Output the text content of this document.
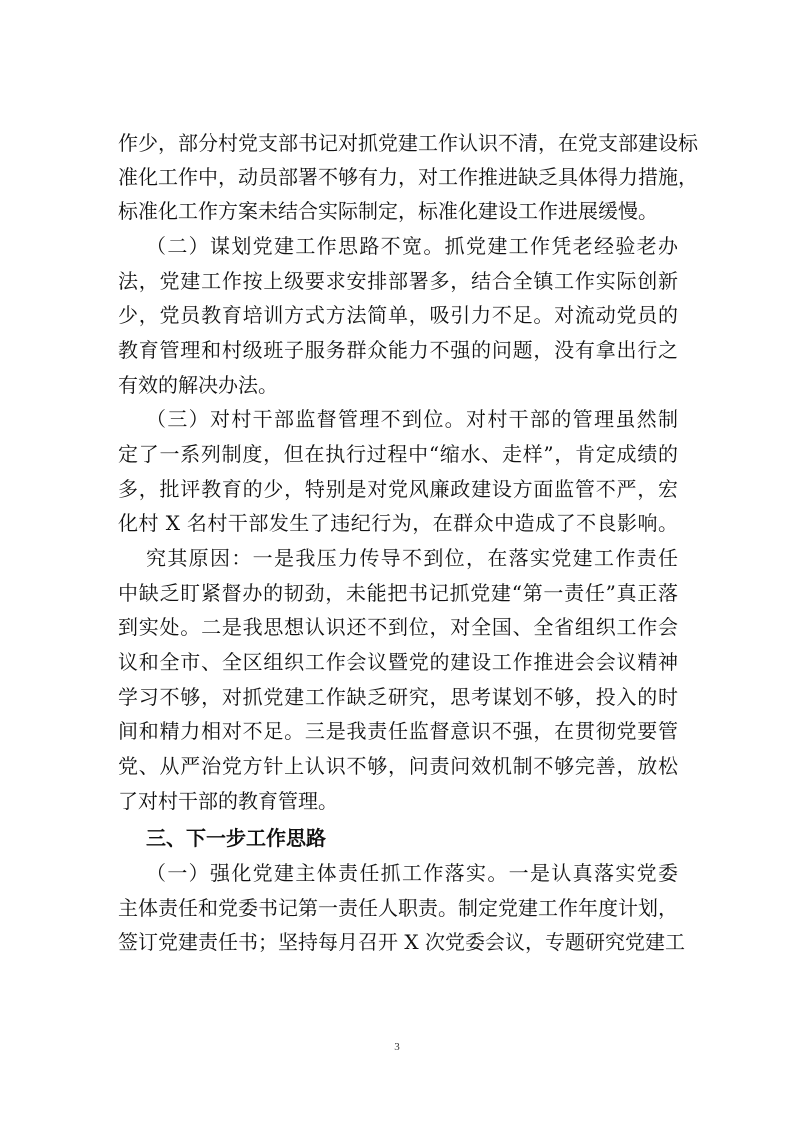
作少，部分村党支部书记对抓党建工作认识不清，在党支部建设标
准化工作中，动员部署不够有力，对工作推进缺乏具体得力措施，
标准化工作方案未结合实际制定，标准化建设工作进展缓慢。
（二）谋划党建工作思路不宽。抓党建工作凭老经验老办
法，党建工作按上级要求安排部署多，结合全镇工作实际创新
少，党员教育培训方式方法简单，吸引力不足。对流动党员的
教育管理和村级班子服务群众能力不强的问题，没有拿出行之
有效的解决办法。
（三）对村干部监督管理不到位。对村干部的管理虽然制
定了一系列制度，但在执行过程中“缩水、走样”，肯定成绩的
多，批评教育的少，特别是对党风廉政建设方面监管不严，宏
化村 X 名村干部发生了违纪行为，在群众中造成了不良影响。
究其原因：一是我压力传导不到位，在落实党建工作责任
中缺乏盯紧督办的韧劲，未能把书记抓党建“第一责任”真正落
到实处。二是我思想认识还不到位，对全国、全省组织工作会
议和全市、全区组织工作会议暨党的建设工作推进会会议精神
学习不够，对抓党建工作缺乏研究，思考谋划不够，投入的时
间和精力相对不足。三是我责任监督意识不强，在贯彻党要管
党、从严治党方针上认识不够，问责问效机制不够完善，放松
了对村干部的教育管理。
三、下一步工作思路
（一）强化党建主体责任抓工作落实。一是认真落实党委
主体责任和党委书记第一责任人职责。制定党建工作年度计划，
签订党建责任书；坚持每月召开 X 次党委会议，专题研究党建工
3
